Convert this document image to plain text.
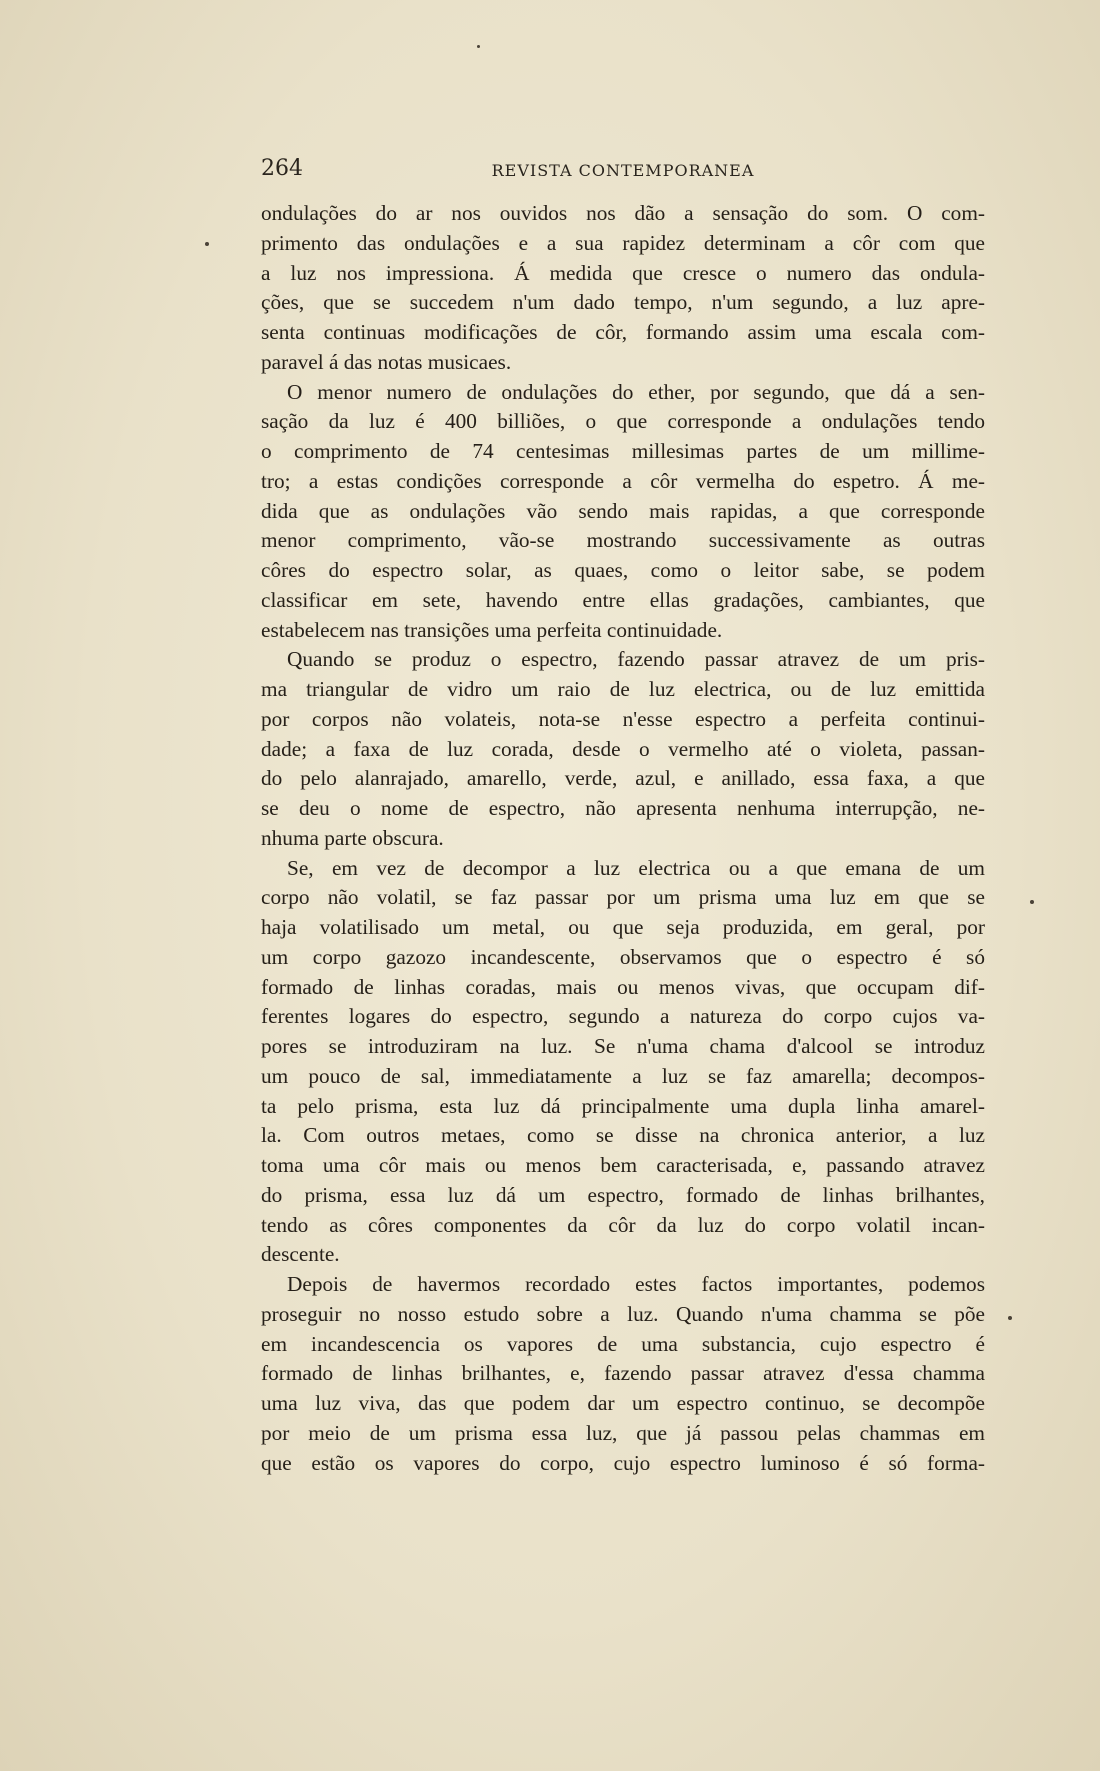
264	REVISTA CONTEMPORANEA
ondulações do ar nos ouvidos nos dão a sensação do som. O com-
primento das ondulações e a sua rapidez determinam a côr com que
a luz nos impressiona. Á medida que cresce o numero das ondula-
ções, que se succedem n'um dado tempo, n'um segundo, a luz apre-
senta continuas modificações de côr, formando assim uma escala com-
paravel á das notas musicaes.
O menor numero de ondulações do ether, por segundo, que dá a sen-
sação da luz é 400 billiões, o que corresponde a ondulações tendo
o comprimento de 74 centesimas millesimas partes de um millime-
tro; a estas condições corresponde a côr vermelha do espetro. Á me-
dida que as ondulações vão sendo mais rapidas, a que corresponde
menor comprimento, vão-se mostrando successivamente as outras
côres do espectro solar, as quaes, como o leitor sabe, se podem
classificar em sete, havendo entre ellas gradações, cambiantes, que
estabelecem nas transições uma perfeita continuidade.
Quando se produz o espectro, fazendo passar atravez de um pris-
ma triangular de vidro um raio de luz electrica, ou de luz emittida
por corpos não volateis, nota-se n'esse espectro a perfeita continui-
dade; a faxa de luz corada, desde o vermelho até o violeta, passan-
do pelo alanrajado, amarello, verde, azul, e anillado, essa faxa, a que
se deu o nome de espectro, não apresenta nenhuma interrupção, ne-
nhuma parte obscura.
Se, em vez de decompor a luz electrica ou a que emana de um
corpo não volatil, se faz passar por um prisma uma luz em que se
haja volatilisado um metal, ou que seja produzida, em geral, por
um corpo gazozo incandescente, observamos que o espectro é só
formado de linhas coradas, mais ou menos vivas, que occupam dif-
ferentes logares do espectro, segundo a natureza do corpo cujos va-
pores se introduziram na luz. Se n'uma chama d'alcool se introduz
um pouco de sal, immediatamente a luz se faz amarella; decompos-
ta pelo prisma, esta luz dá principalmente uma dupla linha amarel-
la. Com outros metaes, como se disse na chronica anterior, a luz
toma uma côr mais ou menos bem caracterisada, e, passando atravez
do prisma, essa luz dá um espectro, formado de linhas brilhantes,
tendo as côres componentes da côr da luz do corpo volatil incan-
descente.
Depois de havermos recordado estes factos importantes, podemos
proseguir no nosso estudo sobre a luz. Quando n'uma chamma se põe
em incandescencia os vapores de uma substancia, cujo espectro é
formado de linhas brilhantes, e, fazendo passar atravez d'essa chamma
uma luz viva, das que podem dar um espectro continuo, se decompõe
por meio de um prisma essa luz, que já passou pelas chammas em
que estão os vapores do corpo, cujo espectro luminoso é só forma-
